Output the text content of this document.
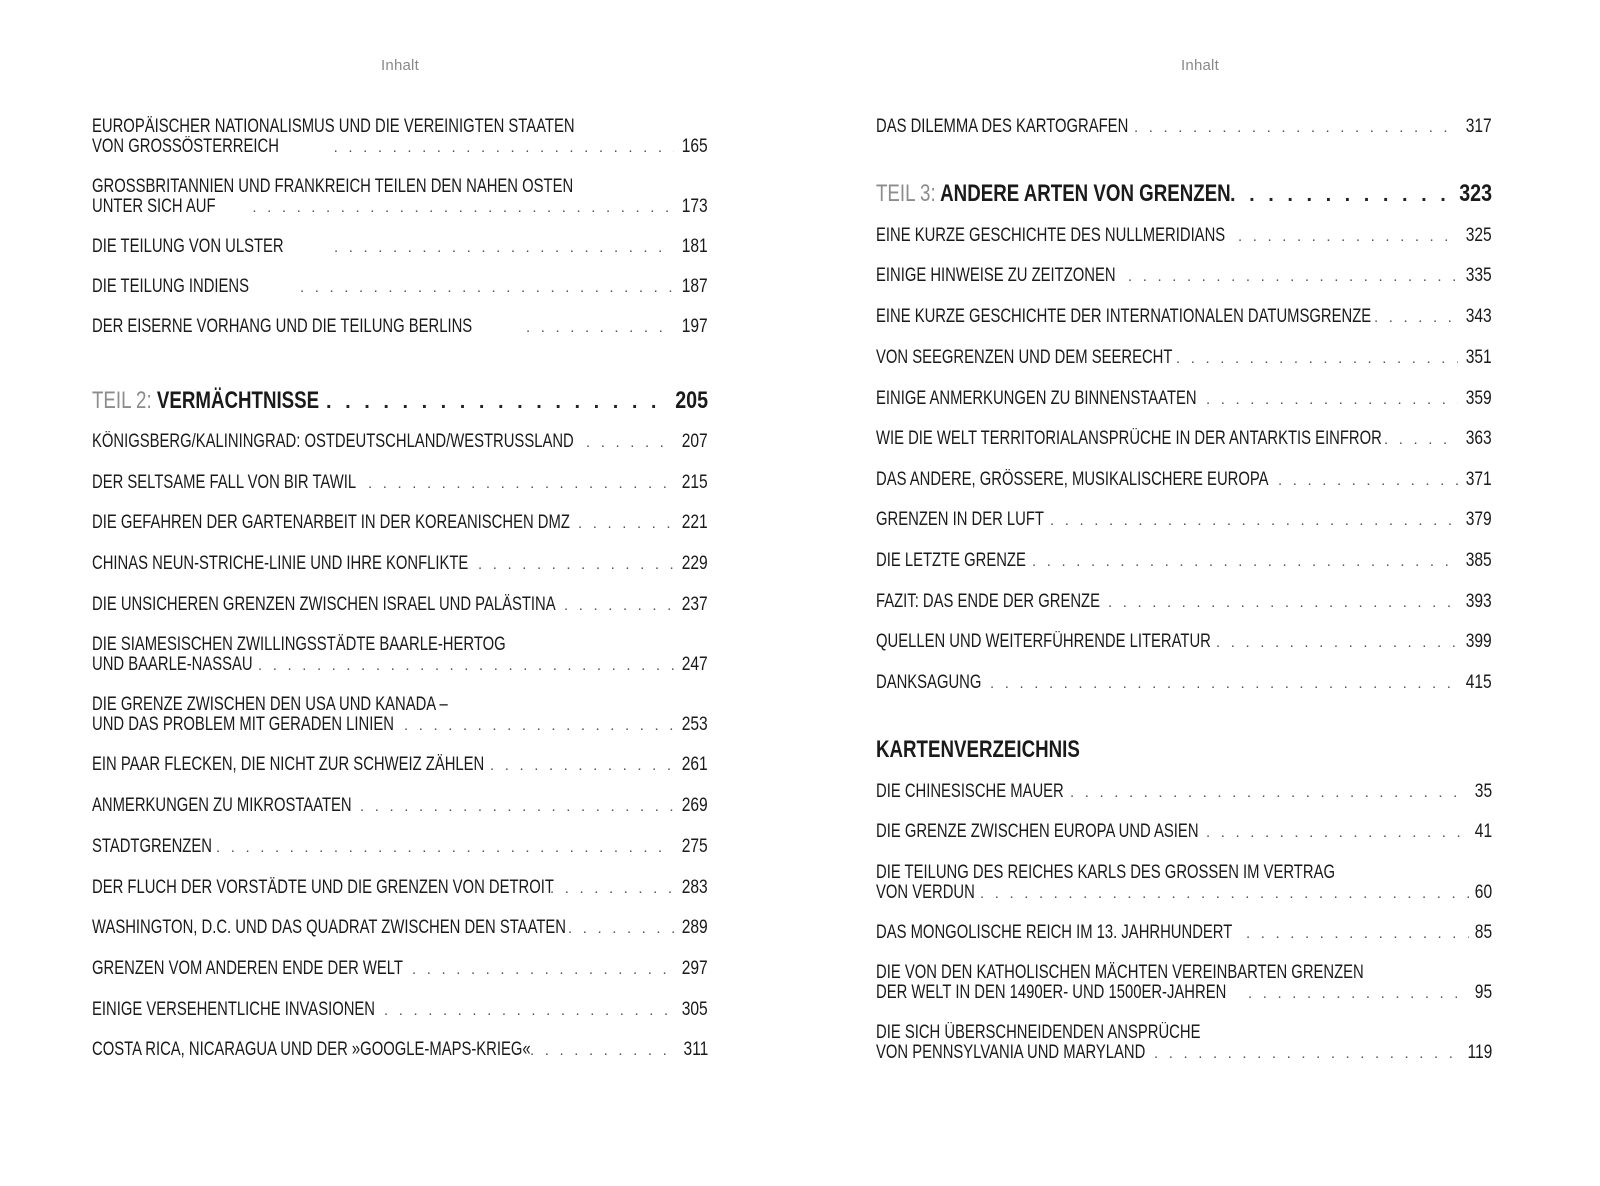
Inhalt
EUROPÄISCHER NATIONALISMUS UND DIE VEREINIGTEN STAATEN
VON GROSSÖSTERREICH . . .	165
GROSSBRITANNIEN UND FRANKREICH TEILEN DEN NAHEN OSTEN
UNTER SICH AUF . . .	173
DIE TEILUNG VON ULSTER . . .	181
DIE TEILUNG INDIENS . . .	187
DER EISERNE VORHANG UND DIE TEILUNG BERLINS . . .	197
TEIL 2: VERMÄCHTNISSE . . .	205
KÖNIGSBERG/KALININGRAD: OSTDEUTSCHLAND/WESTRUSSLAND . . .	207
DER SELTSAME FALL VON BIR TAWIL . . .	215
DIE GEFAHREN DER GARTENARBEIT IN DER KOREANISCHEN DMZ . . .	221
CHINAS NEUN-STRICHE-LINIE UND IHRE KONFLIKTE . . .	229
DIE UNSICHEREN GRENZEN ZWISCHEN ISRAEL UND PALÄSTINA . . .	237
DIE SIAMESISCHEN ZWILLINGSSTÄDTE BAARLE-HERTOG
UND BAARLE-NASSAU . . .	247
DIE GRENZE ZWISCHEN DEN USA UND KANADA –
UND DAS PROBLEM MIT GERADEN LINIEN . . .	253
EIN PAAR FLECKEN, DIE NICHT ZUR SCHWEIZ ZÄHLEN . . .	261
ANMERKUNGEN ZU MIKROSTAATEN . . .	269
STADTGRENZEN . . .	275
DER FLUCH DER VORSTÄDTE UND DIE GRENZEN VON DETROIT . . .	283
WASHINGTON, D.C. UND DAS QUADRAT ZWISCHEN DEN STAATEN . . .	289
GRENZEN VOM ANDEREN ENDE DER WELT . . .	297
EINIGE VERSEHENTLICHE INVASIONEN . . .	305
COSTA RICA, NICARAGUA UND DER »GOOGLE-MAPS-KRIEG« . . .	311
Inhalt
DAS DILEMMA DES KARTOGRAFEN . . .	317
TEIL 3: ANDERE ARTEN VON GRENZEN . . .	323
EINE KURZE GESCHICHTE DES NULLMERIDIANS . . .	325
EINIGE HINWEISE ZU ZEITZONEN . . .	335
EINE KURZE GESCHICHTE DER INTERNATIONALEN DATUMSGRENZE . . .	343
VON SEEGRENZEN UND DEM SEERECHT . . .	351
EINIGE ANMERKUNGEN ZU BINNENSTAATEN . . .	359
WIE DIE WELT TERRITORIALANSPRÜCHE IN DER ANTARKTIS EINFROR . . .	363
DAS ANDERE, GRÖSSERE, MUSIKALISCHERE EUROPA . . .	371
GRENZEN IN DER LUFT . . .	379
DIE LETZTE GRENZE . . .	385
FAZIT: DAS ENDE DER GRENZE . . .	393
QUELLEN UND WEITERFÜHRENDE LITERATUR . . .	399
DANKSAGUNG . . .	415
KARTENVERZEICHNIS
DIE CHINESISCHE MAUER . . .	35
DIE GRENZE ZWISCHEN EUROPA UND ASIEN . . .	41
DIE TEILUNG DES REICHES KARLS DES GROSSEN IM VERTRAG
VON VERDUN . . .	60
DAS MONGOLISCHE REICH IM 13. JAHRHUNDERT . . .	85
DIE VON DEN KATHOLISCHEN MÄCHTEN VEREINBARTEN GRENZEN
DER WELT IN DEN 1490ER- UND 1500ER-JAHREN . . .	95
DIE SICH ÜBERSCHNEIDENDEN ANSPRÜCHE
VON PENNSYLVANIA UND MARYLAND . . .	119
